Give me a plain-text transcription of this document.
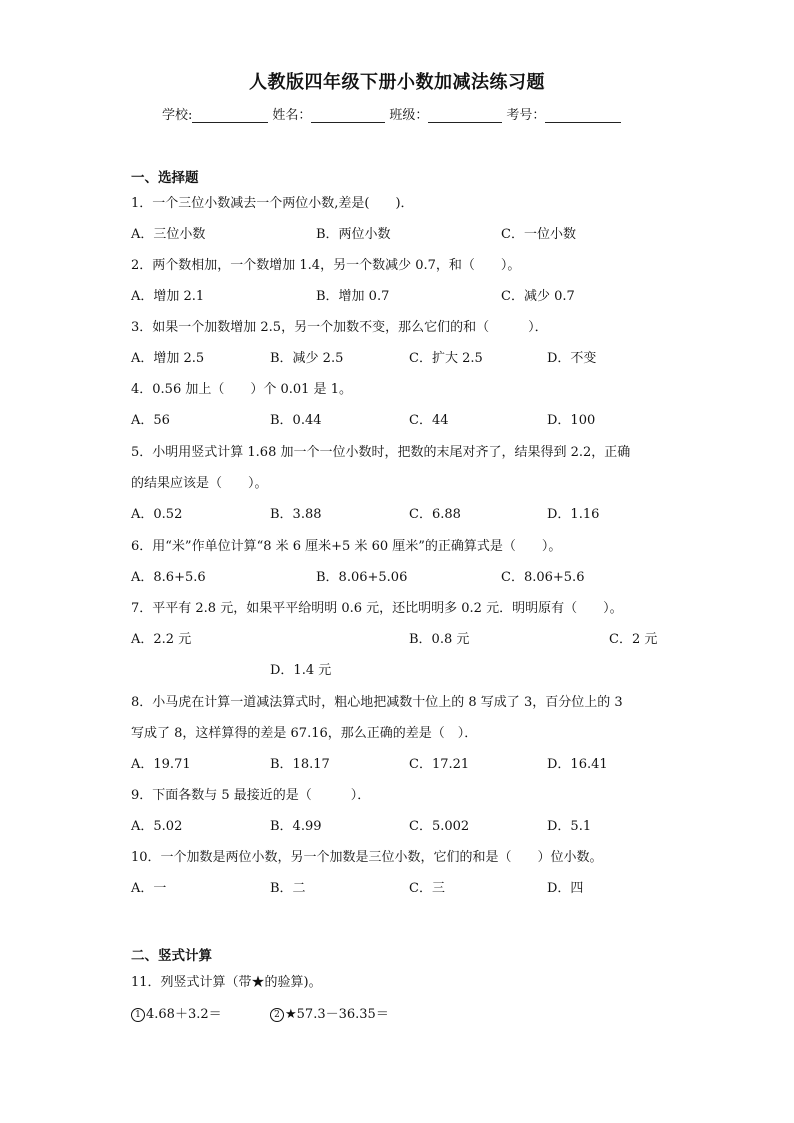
人教版四年级下册小数加减法练习题
学校:	姓名：	班级：	考号：
一、选择题
1．一个三位小数减去一个两位小数,差是(　　)．
A．三位小数	B．两位小数	C．一位小数
2．两个数相加，一个数增加 1.4，另一个数减少 0.7，和（　　）。
A．增加 2.1	B．增加 0.7	C．减少 0.7
3．如果一个加数增加 2.5，另一个加数不变，那么它们的和（　　　）．
A．增加 2.5	B．减少 2.5	C．扩大 2.5	D．不变
4．0.56 加上（　　）个 0.01 是 1。
A．56	B．0.44	C．44	D．100
5．小明用竖式计算 1.68 加一个一位小数时，把数的末尾对齐了，结果得到 2.2，正确
的结果应该是（　　）。
A．0.52	B．3.88	C．6.88	D．1.16
6．用“米”作单位计算“8 米 6 厘米+5 米 60 厘米”的正确算式是（　　）。
A．8.6+5.6	B．8.06+5.06	C．8.06+5.6
7．平平有 2.8 元，如果平平给明明 0.6 元，还比明明多 0.2 元．明明原有（　　）。
A．2.2 元	B．0.8 元	C．2 元
D．1.4 元
8．小马虎在计算一道减法算式时，粗心地把减数十位上的 8 写成了 3，百分位上的 3
写成了 8，这样算得的差是 67.16，那么正确的差是（　）．
A．19.71	B．18.17	C．17.21	D．16.41
9．下面各数与 5 最接近的是（　　　）．
A．5.02	B．4.99	C．5.002	D．5.1
10．一个加数是两位小数，另一个加数是三位小数，它们的和是（　　）位小数。
A．一	B．二	C．三	D．四
二、竖式计算
11．列竖式计算（带★的验算)。
1 4.68＋3.2＝	2 ★57.3－36.35＝
